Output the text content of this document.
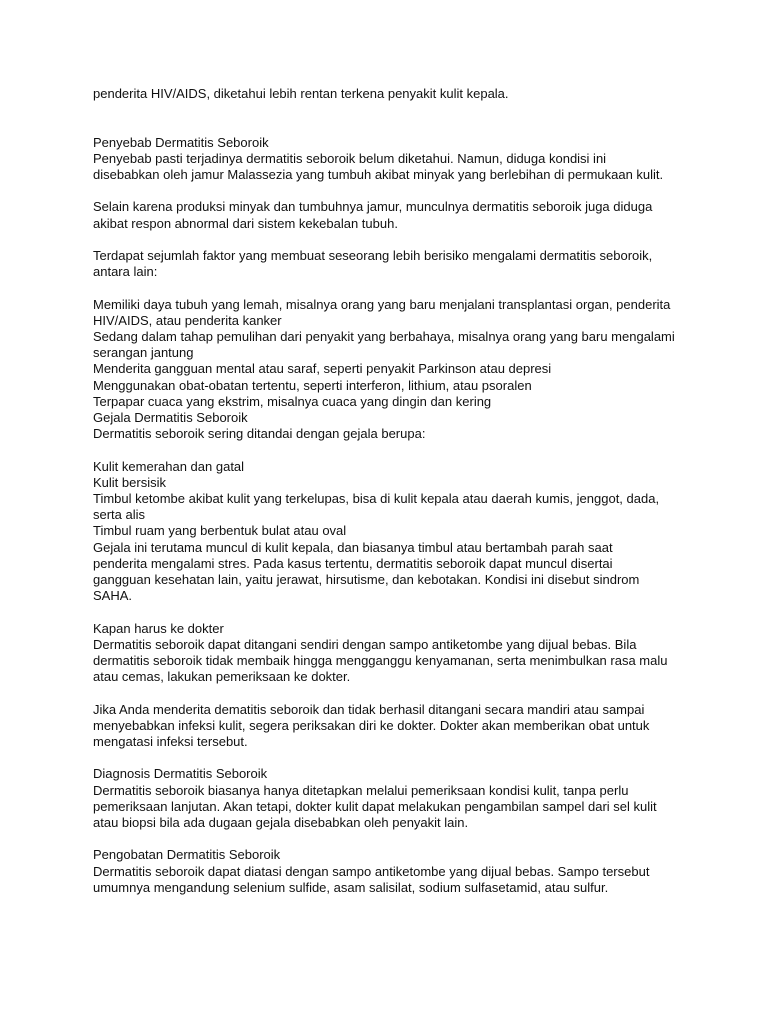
penderita HIV/AIDS, diketahui lebih rentan terkena penyakit kulit kepala.
Penyebab Dermatitis Seboroik
Penyebab pasti terjadinya dermatitis seboroik belum diketahui. Namun, diduga kondisi ini
disebabkan oleh jamur Malassezia yang tumbuh akibat minyak yang berlebihan di permukaan kulit.
Selain karena produksi minyak dan tumbuhnya jamur, munculnya dermatitis seboroik juga diduga
akibat respon abnormal dari sistem kekebalan tubuh.
Terdapat sejumlah faktor yang membuat seseorang lebih berisiko mengalami dermatitis seboroik,
antara lain:
Memiliki daya tubuh yang lemah, misalnya orang yang baru menjalani transplantasi organ, penderita
HIV/AIDS, atau penderita kanker
Sedang dalam tahap pemulihan dari penyakit yang berbahaya, misalnya orang yang baru mengalami
serangan jantung
Menderita gangguan mental atau saraf, seperti penyakit Parkinson atau depresi
Menggunakan obat-obatan tertentu, seperti interferon, lithium, atau psoralen
Terpapar cuaca yang ekstrim, misalnya cuaca yang dingin dan kering
Gejala Dermatitis Seboroik
Dermatitis seboroik sering ditandai dengan gejala berupa:
Kulit kemerahan dan gatal
Kulit bersisik
Timbul ketombe akibat kulit yang terkelupas, bisa di kulit kepala atau daerah kumis, jenggot, dada,
serta alis
Timbul ruam yang berbentuk bulat atau oval
Gejala ini terutama muncul di kulit kepala, dan biasanya timbul atau bertambah parah saat
penderita mengalami stres. Pada kasus tertentu, dermatitis seboroik dapat muncul disertai
gangguan kesehatan lain, yaitu jerawat, hirsutisme, dan kebotakan. Kondisi ini disebut sindrom
SAHA.
Kapan harus ke dokter
Dermatitis seboroik dapat ditangani sendiri dengan sampo antiketombe yang dijual bebas. Bila
dermatitis seboroik tidak membaik hingga mengganggu kenyamanan, serta menimbulkan rasa malu
atau cemas, lakukan pemeriksaan ke dokter.
Jika Anda menderita dematitis seboroik dan tidak berhasil ditangani secara mandiri atau sampai
menyebabkan infeksi kulit, segera periksakan diri ke dokter. Dokter akan memberikan obat untuk
mengatasi infeksi tersebut.
Diagnosis Dermatitis Seboroik
Dermatitis seboroik biasanya hanya ditetapkan melalui pemeriksaan kondisi kulit, tanpa perlu
pemeriksaan lanjutan. Akan tetapi, dokter kulit dapat melakukan pengambilan sampel dari sel kulit
atau biopsi bila ada dugaan gejala disebabkan oleh penyakit lain.
Pengobatan Dermatitis Seboroik
Dermatitis seboroik dapat diatasi dengan sampo antiketombe yang dijual bebas. Sampo tersebut
umumnya mengandung selenium sulfide, asam salisilat, sodium sulfasetamid, atau sulfur.
